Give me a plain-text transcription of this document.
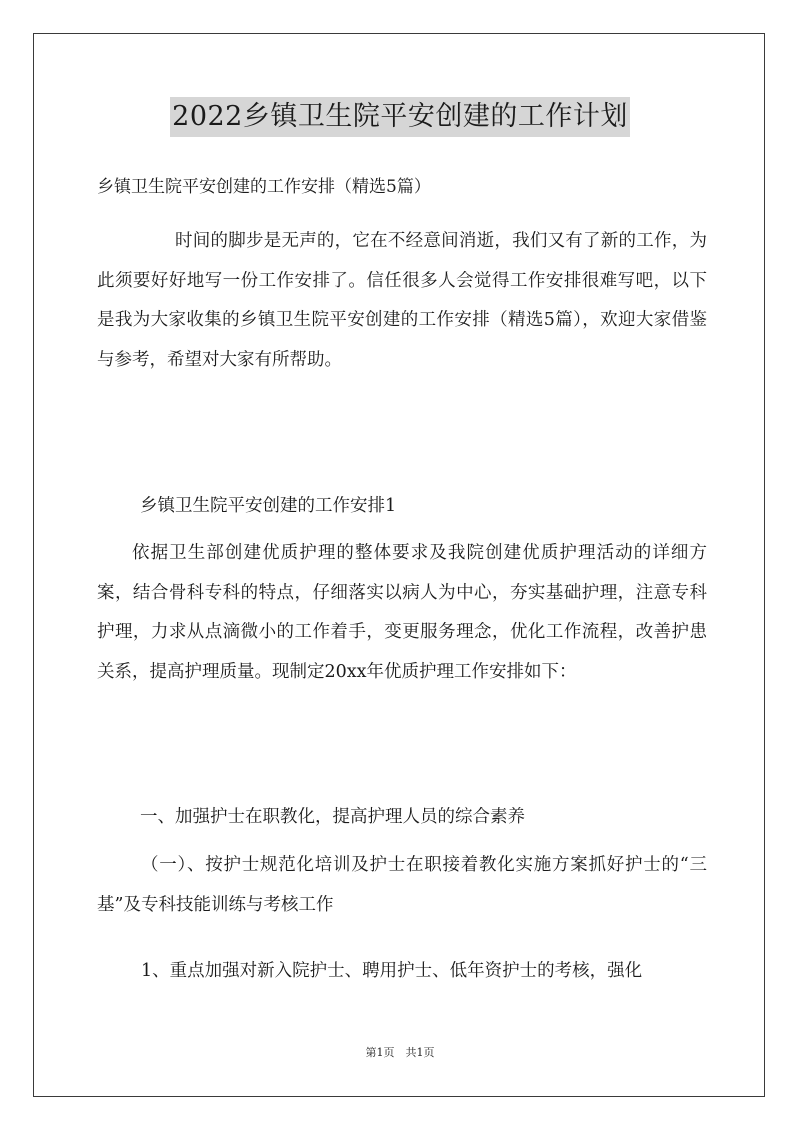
2022乡镇卫生院平安创建的工作计划
乡镇卫生院平安创建的工作安排（精选5篇）

时间的脚步是无声的，它在不经意间消逝，我们又有了新的工作，为此须要好好地写一份工作安排了。信任很多人会觉得工作安排很难写吧，以下是我为大家收集的乡镇卫生院平安创建的工作安排（精选5篇），欢迎大家借鉴与参考，希望对大家有所帮助。

乡镇卫生院平安创建的工作安排1

依据卫生部创建优质护理的整体要求及我院创建优质护理活动的详细方案，结合骨科专科的特点，仔细落实以病人为中心，夯实基础护理，注意专科护理，力求从点滴微小的工作着手，变更服务理念，优化工作流程，改善护患关系，提高护理质量。现制定20xx年优质护理工作安排如下：

一、加强护士在职教化，提高护理人员的综合素养

（一）、按护士规范化培训及护士在职接着教化实施方案抓好护士的“三基”及专科技能训练与考核工作

1、重点加强对新入院护士、聘用护士、低年资护士的考核，强化

第1页　共1页
